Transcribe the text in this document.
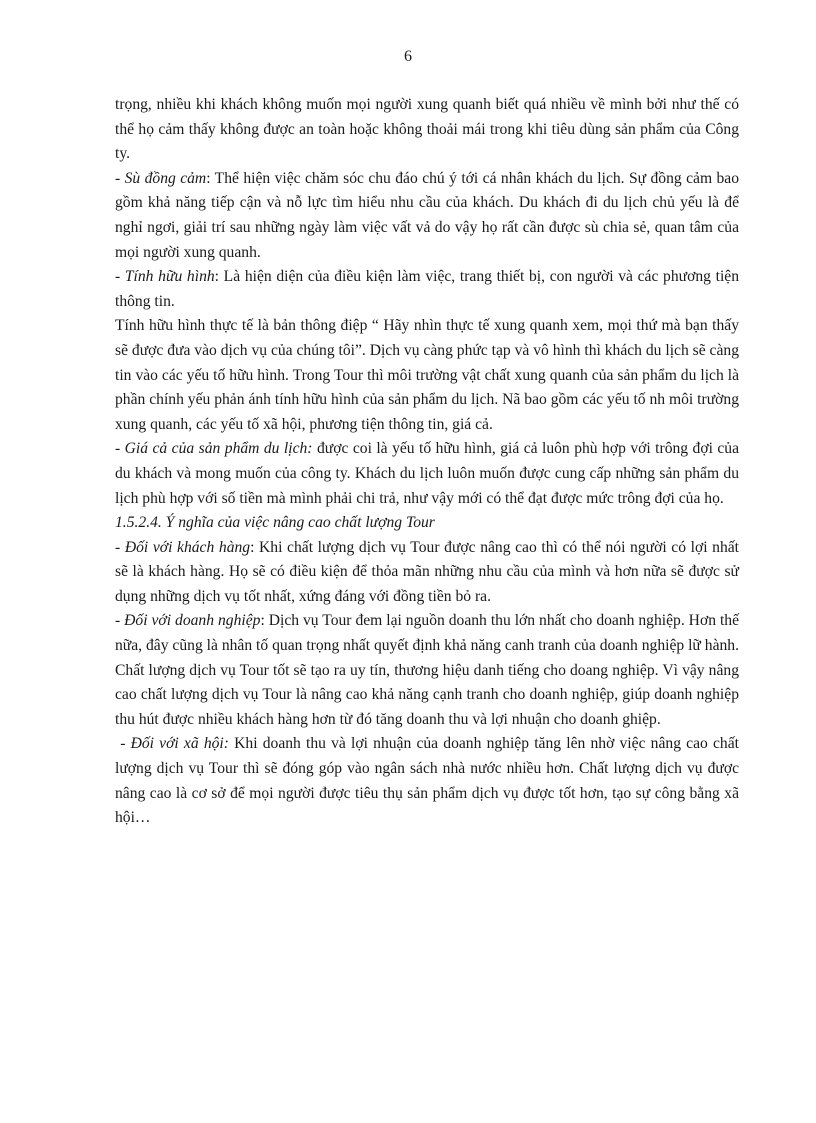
6

trọng, nhiều khi khách không muốn mọi người xung quanh biết quá nhiều về mình bởi như thế có thể họ cảm thấy không được an toàn hoặc không thoải mái trong khi tiêu dùng sản phẩm của Công ty.

- Sù đồng cảm: Thể hiện việc chăm sóc chu đáo chú ý tới cá nhân khách du lịch. Sự đồng cảm bao gồm khả năng tiếp cận và nỗ lực tìm hiểu nhu cầu của khách. Du khách đi du lịch chủ yếu là để nghỉ ngơi, giải trí sau những ngày làm việc vất vả do vậy họ rất cần được sù chia sẻ, quan tâm của mọi người xung quanh.

- Tính hữu hình: Là hiện diện của điều kiện làm việc, trang thiết bị, con người và các phương tiện thông tin.

Tính hữu hình thực tế là bản thông điệp “ Hãy nhìn thực tế xung quanh xem, mọi thứ mà bạn thấy sẽ được đưa vào dịch vụ của chúng tôi”. Dịch vụ càng phức tạp và vô hình thì khách du lịch sẽ càng tin vào các yếu tố hữu hình. Trong Tour thì môi trường vật chất xung quanh của sản phẩm du lịch là phần chính yếu phản ánh tính hữu hình của sản phẩm du lịch. Nã bao gồm các yếu tố nh môi trường xung quanh, các yếu tố xã hội, phương tiện thông tin, giá cả.

- Giá cả của sản phẩm du lịch: được coi là yếu tố hữu hình, giá cả luôn phù hợp với trông đợi của du khách và mong muốn của công ty. Khách du lịch luôn muốn được cung cấp những sản phẩm du lịch phù hợp với số tiền mà mình phải chi trả, như vậy mới có thể đạt được mức trông đợi của họ.

1.5.2.4. Ý nghĩa của việc nâng cao chất lượng Tour

- Đối với khách hàng: Khi chất lượng dịch vụ Tour được nâng cao thì có thể nói người có lợi nhất sẽ là khách hàng. Họ sẽ có điều kiện để thỏa mãn những nhu cầu của mình và hơn nữa sẽ được sử dụng những dịch vụ tốt nhất, xứng đáng với đồng tiền bỏ ra.

- Đối với doanh nghiệp: Dịch vụ Tour đem lại nguồn doanh thu lớn nhất cho doanh nghiệp. Hơn thế nữa, đây cũng là nhân tố quan trọng nhất quyết định khả năng canh tranh của doanh nghiệp lữ hành. Chất lượng dịch vụ Tour tốt sẽ tạo ra uy tín, thương hiệu danh tiếng cho doang nghiệp. Vì vậy nâng cao chất lượng dịch vụ Tour là nâng cao khả năng cạnh tranh cho doanh nghiệp, giúp doanh nghiệp thu hút được nhiều khách hàng hơn từ đó tăng doanh thu và lợi nhuận cho doanh ghiệp.

- Đối với xã hội: Khi doanh thu và lợi nhuận của doanh nghiệp tăng lên nhờ việc nâng cao chất lượng dịch vụ Tour thì sẽ đóng góp vào ngân sách nhà nước nhiều hơn. Chất lượng dịch vụ được nâng cao là cơ sở để mọi người được tiêu thụ sản phẩm dịch vụ được tốt hơn, tạo sự công bằng xã hội…
